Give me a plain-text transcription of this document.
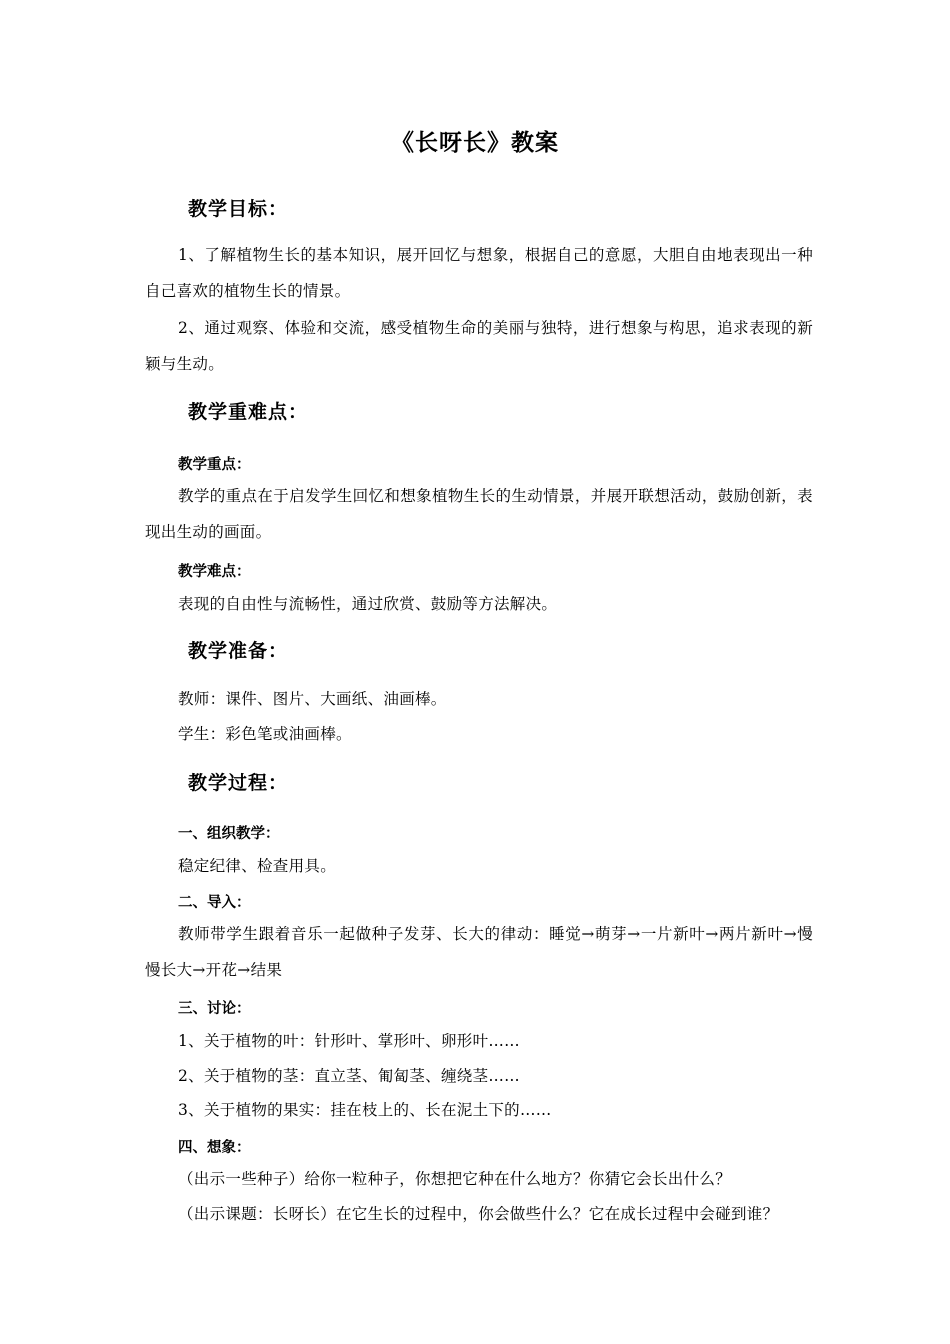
《长呀长》教案
教学目标：
1、了解植物生长的基本知识，展开回忆与想象，根据自己的意愿，大胆自由地表现出一种自己喜欢的植物生长的情景。
2、通过观察、体验和交流，感受植物生命的美丽与独特，进行想象与构思，追求表现的新颖与生动。
教学重难点：
教学重点：
教学的重点在于启发学生回忆和想象植物生长的生动情景，并展开联想活动，鼓励创新，表现出生动的画面。
教学难点：
表现的自由性与流畅性，通过欣赏、鼓励等方法解决。
教学准备：
教师：课件、图片、大画纸、油画棒。
学生：彩色笔或油画棒。
教学过程：
一、组织教学：
稳定纪律、检查用具。
二、导入：
教师带学生跟着音乐一起做种子发芽、长大的律动：睡觉→萌芽→一片新叶→两片新叶→慢慢长大→开花→结果
三、讨论：
1、关于植物的叶：针形叶、掌形叶、卵形叶……
2、关于植物的茎：直立茎、匍匐茎、缠绕茎……
3、关于植物的果实：挂在枝上的、长在泥土下的……
四、想象：
（出示一些种子）给你一粒种子，你想把它种在什么地方？你猜它会长出什么？
（出示课题：长呀长）在它生长的过程中，你会做些什么？它在成长过程中会碰到谁？
